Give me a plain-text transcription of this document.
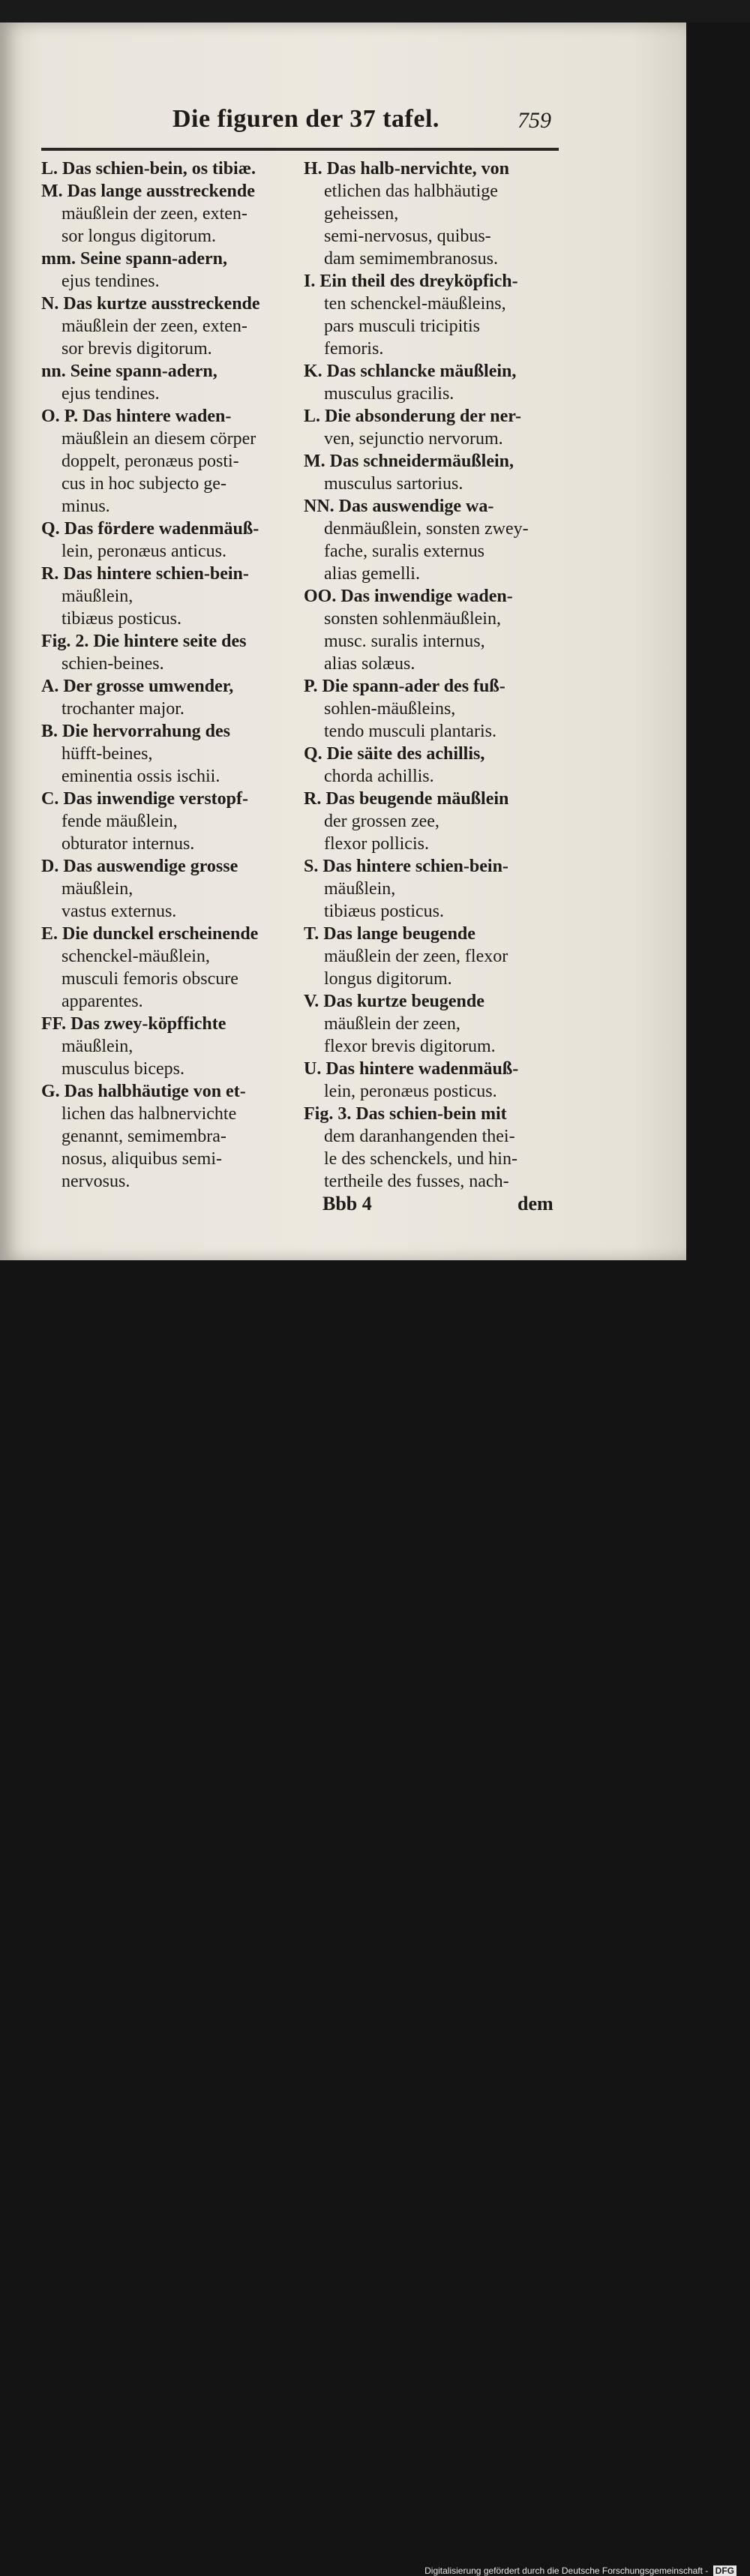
Die figuren der 37 tafel.	759

L. Das schien-bein, os tibiæ.

M. Das lange ausstreckende

mäußlein der zeen, exten-

sor longus digitorum.

mm. Seine spann-adern,

ejus tendines.

N. Das kurtze ausstreckende

mäußlein der zeen, exten-

sor brevis digitorum.

nn. Seine spann-adern,

ejus tendines.

O. P. Das hintere waden-

mäußlein an diesem cörper

doppelt, peronæus posti-

cus in hoc subjecto ge-

minus.

Q. Das fördere wadenmäuß-

lein, peronæus anticus.

R. Das hintere schien-bein-

mäußlein,

tibiæus posticus.

Fig. 2. Die hintere seite des

schien-beines.

A. Der grosse umwender,

trochanter major.

B. Die hervorrahung des

hüfft-beines,

eminentia ossis ischii.

C. Das inwendige verstopf-

fende mäußlein,

obturator internus.

D. Das auswendige grosse

mäußlein,

vastus externus.

E. Die dunckel erscheinende

schenckel-mäußlein,

musculi femoris obscure

apparentes.

FF. Das zwey-köpffichte

mäußlein,

musculus biceps.

G. Das halbhäutige von et-

lichen das halbnervichte

genannt, semimembra-

nosus, aliquibus semi-

nervosus.

H. Das halb-nervichte, von

etlichen das halbhäutige

geheissen,

semi-nervosus, quibus-

dam semimembranosus.

I. Ein theil des dreyköpfich-

ten schenckel-mäußleins,

pars musculi tricipitis

femoris.

K. Das schlancke mäußlein,

musculus gracilis.

L. Die absonderung der ner-

ven, sejunctio nervorum.

M. Das schneidermäußlein,

musculus sartorius.

NN. Das auswendige wa-

denmäußlein, sonsten zwey-

fache, suralis externus

alias gemelli.

OO. Das inwendige waden-

sonsten sohlenmäußlein,

musc. suralis internus,

alias solæus.

P. Die spann-ader des fuß-

sohlen-mäußleins,

tendo musculi plantaris.

Q. Die säite des achillis,

chorda achillis.

R. Das beugende mäußlein

der grossen zee,

flexor pollicis.

S. Das hintere schien-bein-

mäußlein,

tibiæus posticus.

T. Das lange beugende

mäußlein der zeen, flexor

longus digitorum.

V. Das kurtze beugende

mäußlein der zeen,

flexor brevis digitorum.

U. Das hintere wadenmäuß-

lein, peronæus posticus.

Fig. 3. Das schien-bein mit

dem daranhangenden thei-

le des schenckels, und hin-

tertheile des fusses, nach-

Bbb 4	dem
Digitalisierung gefördert durch die Deutsche Forschungsgemeinschaft - DFG
